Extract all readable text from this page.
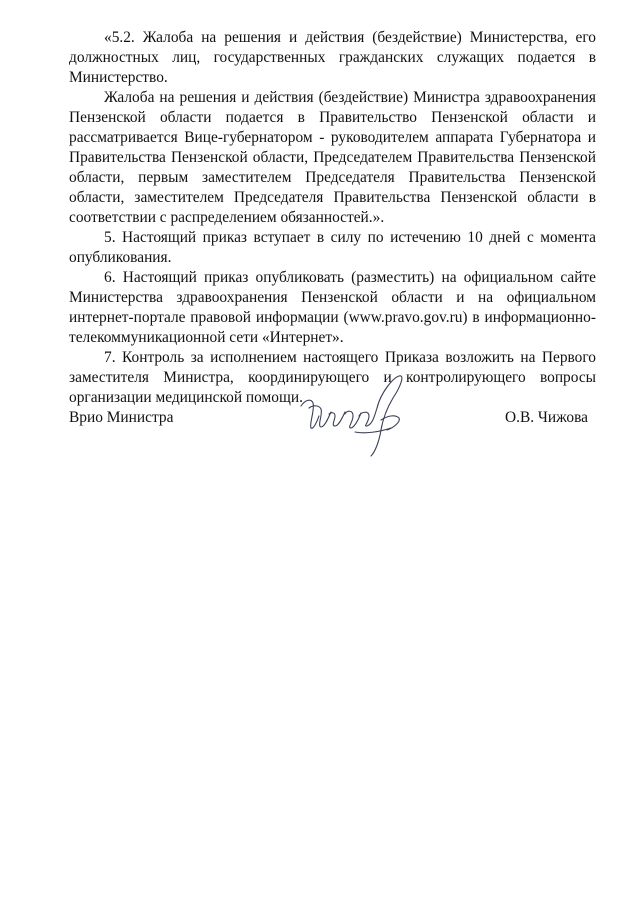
«5.2. Жалоба на решения и действия (бездействие) Министерства, его должностных лиц, государственных гражданских служащих подается в Министерство.

Жалоба на решения и действия (бездействие) Министра здравоохранения Пензенской области подается в Правительство Пензенской области и рассматривается Вице-губернатором - руководителем аппарата Губернатора и Правительства Пензенской области, Председателем Правительства Пензенской области, первым заместителем Председателя Правительства Пензенской области, заместителем Председателя Правительства Пензенской области в соответствии с распределением обязанностей.».

5. Настоящий приказ вступает в силу по истечению 10 дней с момента опубликования.

6. Настоящий приказ опубликовать (разместить) на официальном сайте Министерства здравоохранения Пензенской области и на официальном интернет-портале правовой информации (www.pravo.gov.ru) в информационно-телекоммуникационной сети «Интернет».

7. Контроль за исполнением настоящего Приказа возложить на Первого заместителя Министра, координирующего и контролирующего вопросы организации медицинской помощи.

Врио Министра	О.В. Чижова
